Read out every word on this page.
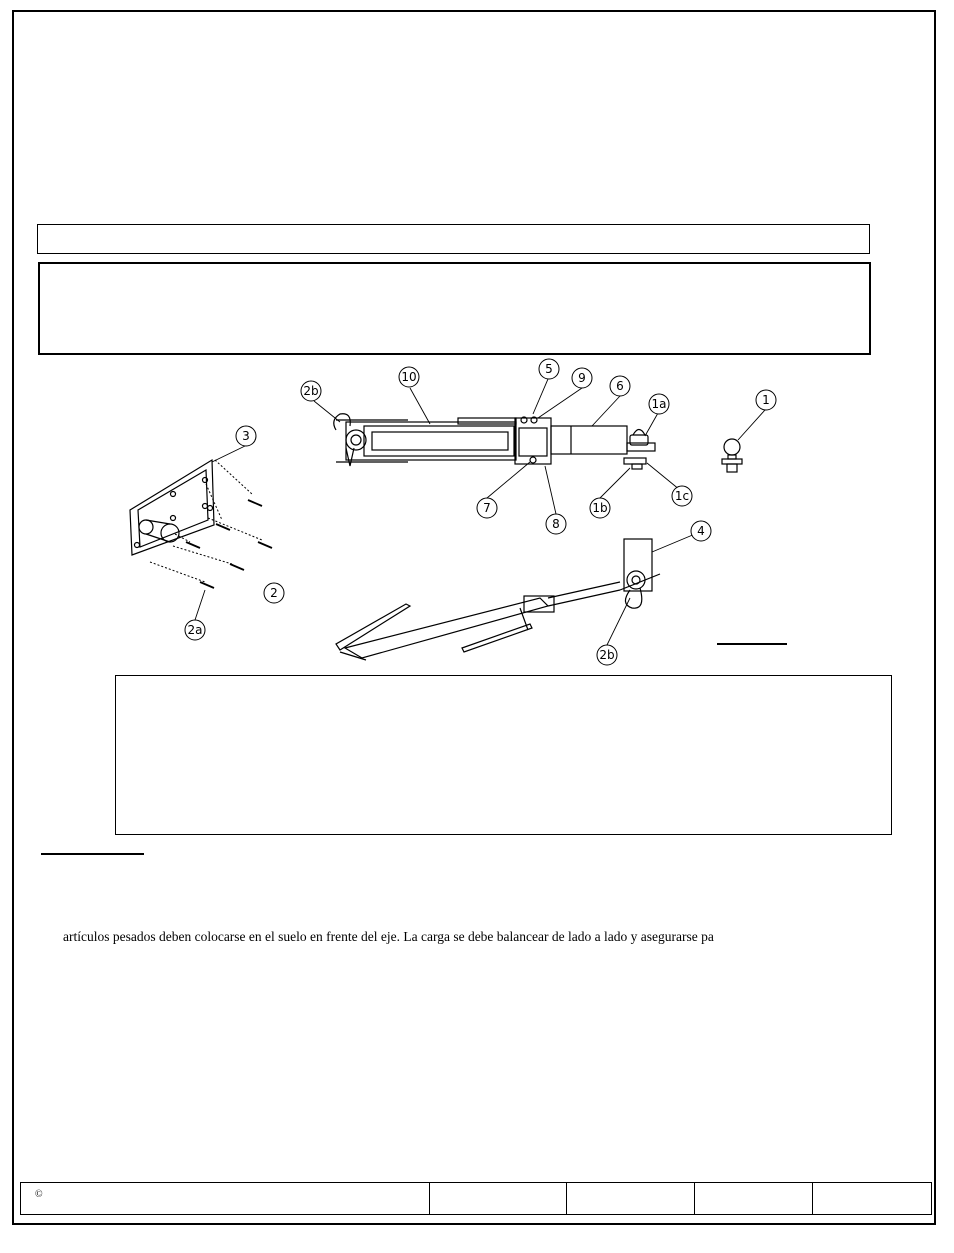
1
1a
1b
1c
2
2a
2b
2b
3
4
5
6
7
8
9
10
artículos pesados deben colocarse en el suelo en frente del eje. La carga se debe balancear de lado a lado y asegurarse pa
©
